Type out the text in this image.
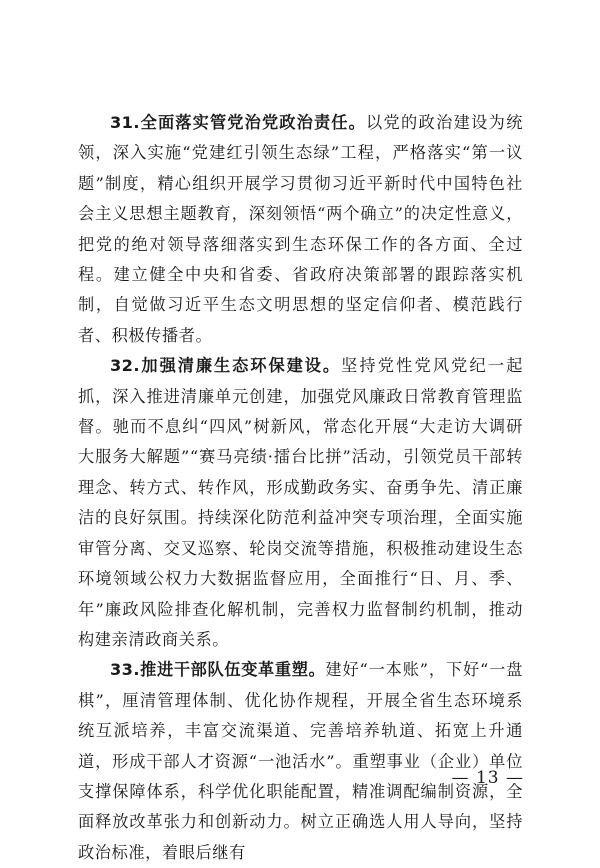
31.全面落实管党治党政治责任。以党的政治建设为统领，深入实施“党建红引领生态绿”工程，严格落实“第一议题”制度，精心组织开展学习贯彻习近平新时代中国特色社会主义思想主题教育，深刻领悟“两个确立”的决定性意义，把党的绝对领导落细落实到生态环保工作的各方面、全过程。建立健全中央和省委、省政府决策部署的跟踪落实机制，自觉做习近平生态文明思想的坚定信仰者、模范践行者、积极传播者。

32.加强清廉生态环保建设。坚持党性党风党纪一起抓，深入推进清廉单元创建，加强党风廉政日常教育管理监督。驰而不息纠“四风”树新风，常态化开展“大走访大调研大服务大解题”“赛马亮绩·擂台比拼”活动，引领党员干部转理念、转方式、转作风，形成勤政务实、奋勇争先、清正廉洁的良好氛围。持续深化防范利益冲突专项治理，全面实施审管分离、交叉巡察、轮岗交流等措施，积极推动建设生态环境领域公权力大数据监督应用，全面推行“日、月、季、年”廉政风险排查化解机制，完善权力监督制约机制，推动构建亲清政商关系。

33.推进干部队伍变革重塑。建好“一本账”，下好“一盘棋”，厘清管理体制、优化协作规程，开展全省生态环境系统互派培养，丰富交流渠道、完善培养轨道、拓宽上升通道，形成干部人才资源“一池活水”。重塑事业（企业）单位支撑保障体系，科学优化职能配置，精准调配编制资源，全面释放改革张力和创新动力。树立正确选人用人导向，坚持政治标准，着眼后继有

— 13 —
